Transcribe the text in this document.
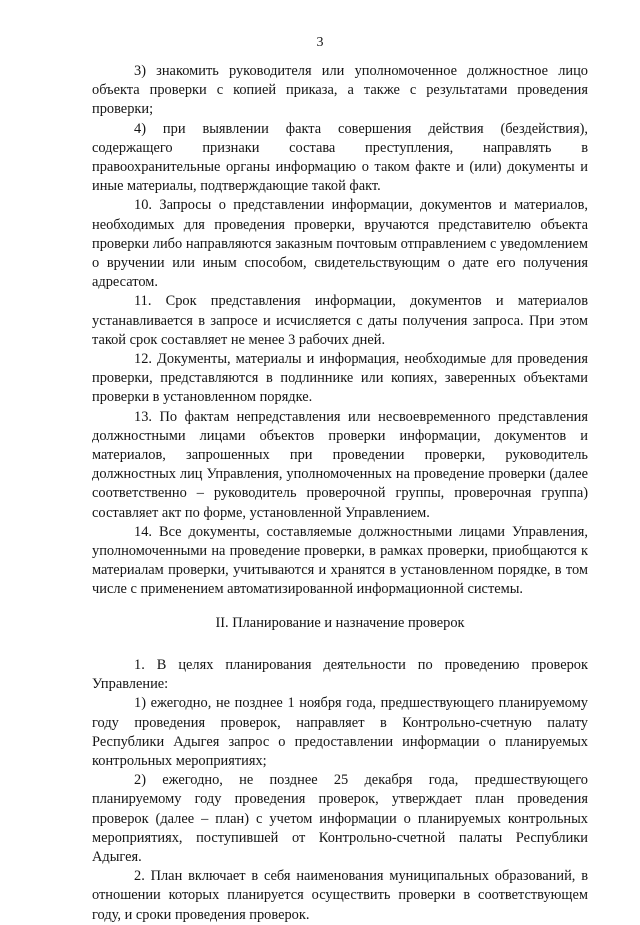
3

3) знакомить руководителя или уполномоченное должностное лицо объекта проверки с копией приказа, а также с результатами проведения проверки;

4) при выявлении факта совершения действия (бездействия), содержащего признаки состава преступления, направлять в правоохранительные органы информацию о таком факте и (или) документы и иные материалы, подтверждающие такой факт.

10. Запросы о представлении информации, документов и материалов, необходимых для проведения проверки, вручаются представителю объекта проверки либо направляются заказным почтовым отправлением с уведомлением о вручении или иным способом, свидетельствующим о дате его получения адресатом.

11. Срок представления информации, документов и материалов устанавливается в запросе и исчисляется с даты получения запроса. При этом такой срок составляет не менее 3 рабочих дней.

12. Документы, материалы и информация, необходимые для проведения проверки, представляются в подлиннике или копиях, заверенных объектами проверки в установленном порядке.

13. По фактам непредставления или несвоевременного представления должностными лицами объектов проверки информации, документов и материалов, запрошенных при проведении проверки, руководитель должностных лиц Управления, уполномоченных на проведение проверки (далее соответственно – руководитель проверочной группы, проверочная группа) составляет акт по форме, установленной Управлением.

14. Все документы, составляемые должностными лицами Управления, уполномоченными на проведение проверки, в рамках проверки, приобщаются к материалам проверки, учитываются и хранятся в установленном порядке, в том числе с применением автоматизированной информационной системы.

II. Планирование и назначение проверок

1. В целях планирования деятельности по проведению проверок Управление:

1) ежегодно, не позднее 1 ноября года, предшествующего планируемому году проведения проверок, направляет в Контрольно-счетную палату Республики Адыгея запрос о предоставлении информации о планируемых контрольных мероприятиях;

2) ежегодно, не позднее 25 декабря года, предшествующего планируемому году проведения проверок, утверждает план проведения проверок (далее – план) с учетом информации о планируемых контрольных мероприятиях, поступившей от Контрольно-счетной палаты Республики Адыгея.

2. План включает в себя наименования муниципальных образований, в отношении которых планируется осуществить проверки в соответствующем году, и сроки проведения проверок.
